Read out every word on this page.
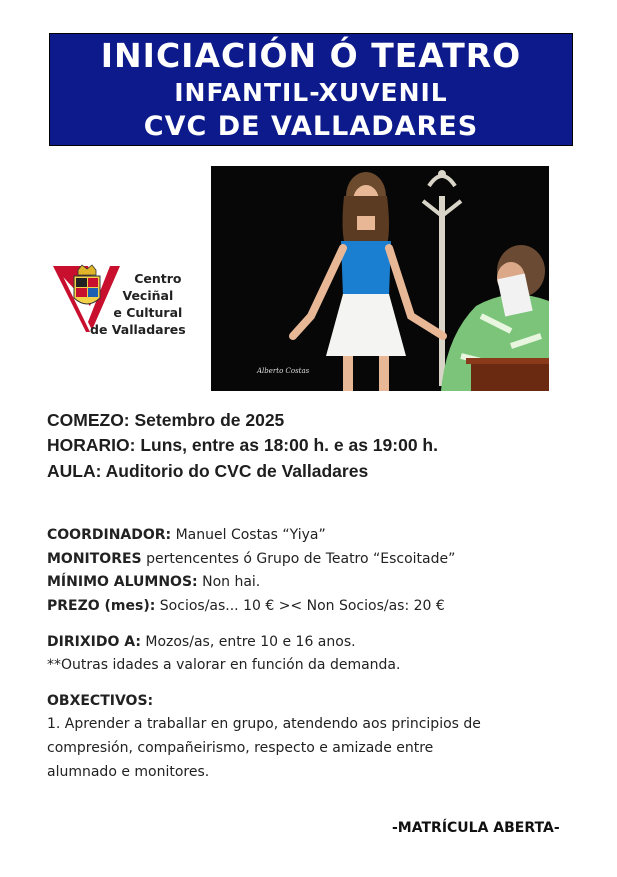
INICIACIÓN Ó TEATRO
INFANTIL-XUVENIL
CVC DE VALLADARES
Centro
Veciñal
e Cultural
de Valladares
Alberto Costas
COMEZO: Setembro de 2025
HORARIO: Luns, entre as 18:00 h. e as 19:00 h.
AULA: Auditorio do CVC de Valladares
COORDINADOR: Manuel Costas “Yiya”
MONITORES pertencentes ó Grupo de Teatro “Escoitade”
MÍNIMO ALUMNOS: Non hai.
PREZO (mes): Socios/as... 10 € >< Non Socios/as: 20 €
DIRIXIDO A: Mozos/as, entre 10 e 16 anos.
**Outras idades a valorar en función da demanda.
OBXECTIVOS:
1. Aprender a traballar en grupo, atendendo aos principios de
compresión, compañeirismo, respecto e amizade entre
alumnado e monitores.
-MATRÍCULA ABERTA-
